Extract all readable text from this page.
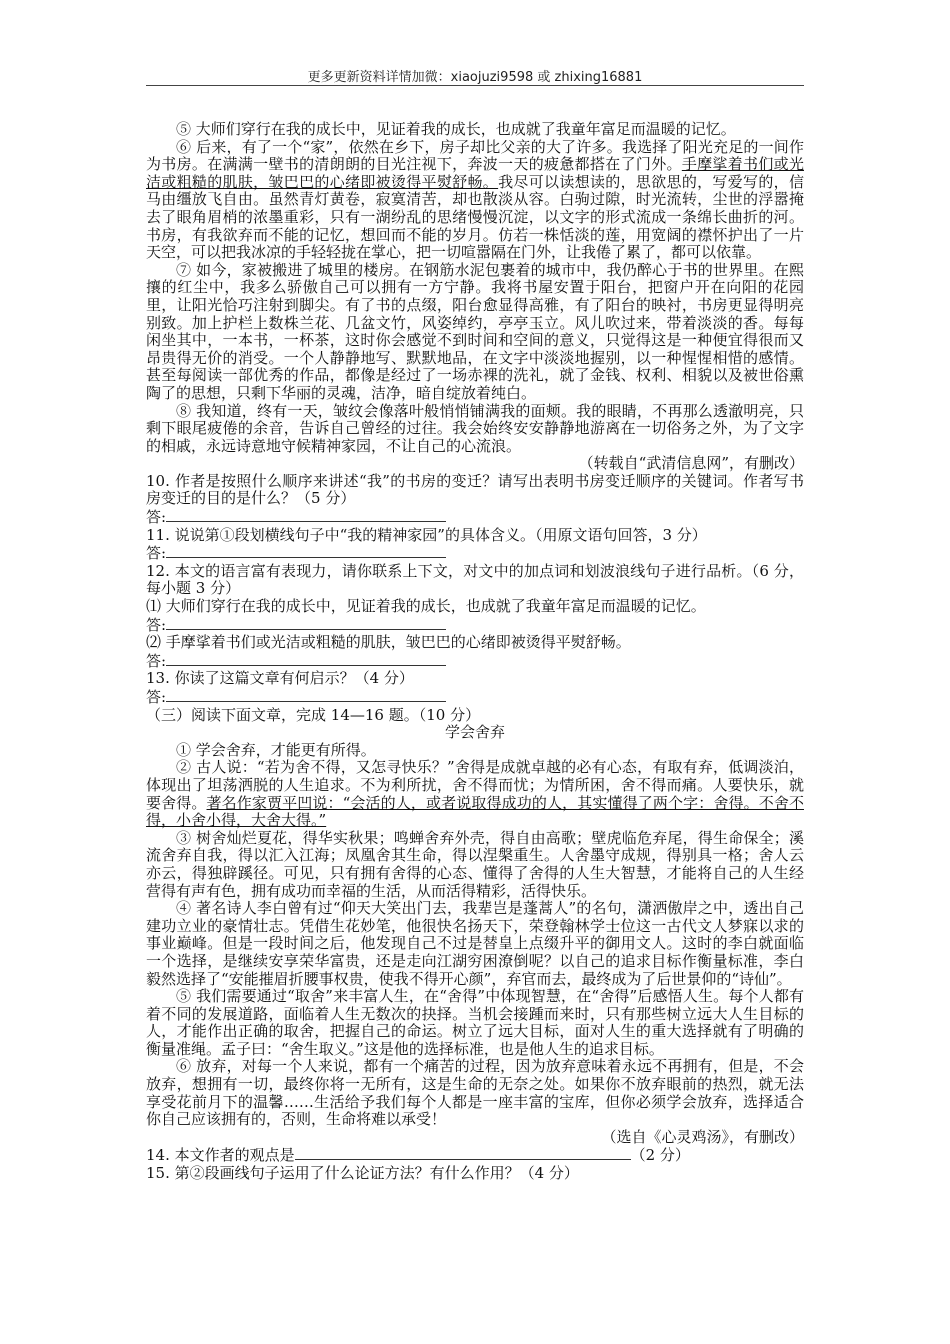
更多更新资料详情加微：xiaojuzi9598 或 zhixing16881

⑤ 大师们穿行在我的成长中，见证着我的成长，也成就了我童年富足而温暖的记忆。

⑥ 后来，有了一个“家”，依然在乡下，房子却比父亲的大了许多。我选择了阳光充足的一间作为书房。在满满一壁书的清朗朗的目光注视下，奔波一天的疲惫都搭在了门外。手摩挲着书们或光洁或粗糙的肌肤，皱巴巴的心绪即被烫得平熨舒畅。我尽可以读想读的，思欲思的，写爱写的，信马由缰放飞自由。虽然青灯黄卷，寂寞清苦，却也散淡从容。白驹过隙，时光流转，尘世的浮嚣掩去了眼角眉梢的浓墨重彩，只有一湖纷乱的思绪慢慢沉淀，以文字的形式流成一条绵长曲折的河。书房，有我欲弃而不能的记忆，想回而不能的岁月。仿若一株恬淡的莲，用宽阔的襟怀护出了一片天空，可以把我冰凉的手轻轻拢在掌心，把一切喧嚣隔在门外，让我倦了累了，都可以依靠。

⑦ 如今，家被搬进了城里的楼房。在钢筋水泥包裹着的城市中，我仍醉心于书的世界里。在熙攘的红尘中，我多么骄傲自己可以拥有一方宁静。我将书屋安置于阳台，把窗户开在向阳的花园里，让阳光恰巧注射到脚尖。有了书的点缀，阳台愈显得高雅，有了阳台的映衬，书房更显得明亮别致。加上护栏上数株兰花、几盆文竹，风姿绰约，亭亭玉立。风儿吹过来，带着淡淡的香。每每闲坐其中，一本书，一杯茶，这时你会感觉不到时间和空间的意义，只觉得这是一种便宜得很而又昂贵得无价的消受。一个人静静地写、默默地品，在文字中淡淡地握别，以一种惺惺相惜的感情。甚至每阅读一部优秀的作品，都像是经过了一场赤裸的洗礼，就了金钱、权利、相貌以及被世俗熏陶了的思想，只剩下华丽的灵魂，洁净，暗自绽放着纯白。

⑧ 我知道，终有一天，皱纹会像落叶般悄悄铺满我的面颊。我的眼睛，不再那么透澈明亮，只剩下眼尾疲倦的余音，告诉自己曾经的过往。我会始终安安静静地游离在一切俗务之外，为了文字的相戚，永远诗意地守候精神家园，不让自己的心流浪。

（转载自“武清信息网”，有删改）

10. 作者是按照什么顺序来讲述“我”的书房的变迁？请写出表明书房变迁顺序的关键词。作者写书房变迁的目的是什么？（5 分）

答:

11. 说说第①段划横线句子中“我的精神家园”的具体含义。（用原文语句回答，3 分）

答:

12. 本文的语言富有表现力，请你联系上下文，对文中的加点词和划波浪线句子进行品析。（6 分，每小题 3 分）

⑴ 大师们穿行在我的成长中，见证着我的成长，也成就了我童年富足而温暖的记忆。

答:

⑵ 手摩挲着书们或光洁或粗糙的肌肤，皱巴巴的心绪即被烫得平熨舒畅。

答:

13. 你读了这篇文章有何启示？（4 分）

答:

（三）阅读下面文章，完成 14—16 题。（10 分）

学会舍弃

① 学会舍弃，才能更有所得。

② 古人说：“若为舍不得，又怎寻快乐？”舍得是成就卓越的必有心态，有取有弃，低调淡泊，体现出了坦荡洒脱的人生追求。不为利所扰，舍不得而忧；为情所困，舍不得而痛。人要快乐，就要舍得。著名作家贾平凹说：“会活的人，或者说取得成功的人，其实懂得了两个字：舍得。不舍不得，小舍小得，大舍大得。”

③ 树舍灿烂夏花，得华实秋果；鸣蝉舍弃外壳，得自由高歌；壁虎临危弃尾，得生命保全；溪流舍弃自我，得以汇入江海；凤凰舍其生命，得以涅槃重生。人舍墨守成规，得别具一格；舍人云亦云，得独辟蹊径。可见，只有拥有舍得的心态、懂得了舍得的人生大智慧，才能将自己的人生经营得有声有色，拥有成功而幸福的生活，从而活得精彩，活得快乐。

④ 著名诗人李白曾有过“仰天大笑出门去，我辈岂是蓬蒿人”的名句，潇洒傲岸之中，透出自己建功立业的豪情壮志。凭借生花妙笔，他很快名扬天下，荣登翰林学士位这一古代文人梦寐以求的事业巅峰。但是一段时间之后，他发现自己不过是替皇上点缀升平的御用文人。这时的李白就面临一个选择，是继续安享荣华富贵，还是走向江湖穷困潦倒呢？以自己的追求目标作衡量标准，李白毅然选择了“安能摧眉折腰事权贵，使我不得开心颜”，弃官而去，最终成为了后世景仰的“诗仙”。

⑤ 我们需要通过“取舍”来丰富人生，在“舍得”中体现智慧，在“舍得”后感悟人生。每个人都有着不同的发展道路，面临着人生无数次的抉择。当机会接踵而来时，只有那些树立远大人生目标的人，才能作出正确的取舍，把握自己的命运。树立了远大目标，面对人生的重大选择就有了明确的衡量准绳。孟子曰：“舍生取义。”这是他的选择标准，也是他人生的追求目标。

⑥ 放弃，对每一个人来说，都有一个痛苦的过程，因为放弃意味着永远不再拥有，但是，不会放弃，想拥有一切，最终你将一无所有，这是生命的无奈之处。如果你不放弃眼前的热烈，就无法享受花前月下的温馨……生活给予我们每个人都是一座丰富的宝库，但你必须学会放弃，选择适合你自己应该拥有的，否则，生命将难以承受！

（选自《心灵鸡汤》，有删改）

14. 本文作者的观点是	（2 分）

15. 第②段画线句子运用了什么论证方法？有什么作用？（4 分）
